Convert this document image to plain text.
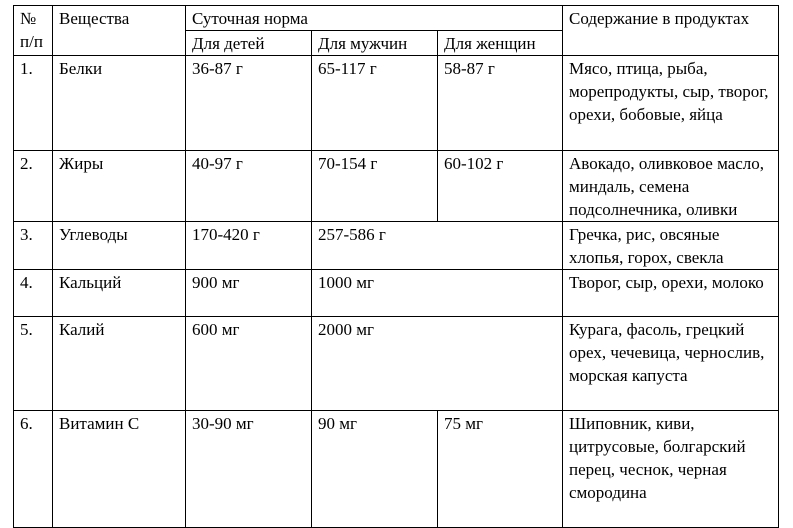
№ п/п	Вещества	Суточная норма			Содержание в продуктах
		Для детей	Для мужчин	Для женщин	
1.	Белки	36-87 г	65-117 г	58-87 г	Мясо, птица, рыба, морепродукты, сыр, творог, орехи, бобовые, яйца
2.	Жиры	40-97 г	70-154 г	60-102 г	Авокадо, оливковое масло, миндаль, семена подсолнечника, оливки
3.	Углеводы	170-420 г	257-586 г		Гречка, рис, овсяные хлопья, горох, свекла
4.	Кальций	900 мг	1000 мг		Творог, сыр, орехи, молоко
5.	Калий	600 мг	2000 мг		Курага, фасоль, грецкий орех, чечевица, чернослив, морская капуста
6.	Витамин С	30-90 мг	90 мг	75 мг	Шиповник, киви, цитрусовые, болгарский перец, чеснок, черная смородина
